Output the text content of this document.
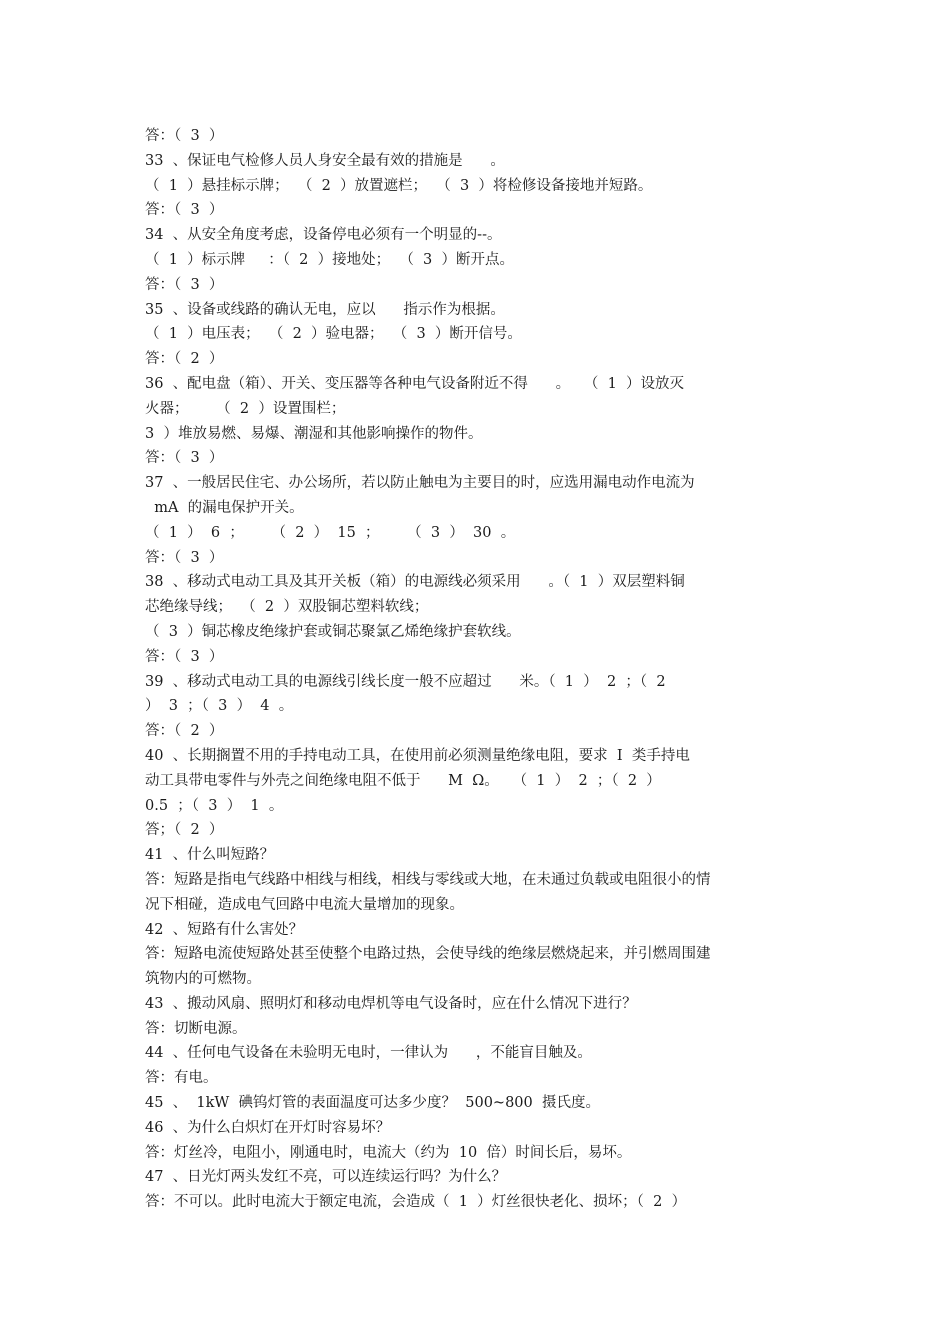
答：（  3  ）
33  、保证电气检修人员人身安全最有效的措施是      。
（  1  ）悬挂标示牌；  （  2  ）放置遮栏；  （  3  ）将检修设备接地并短路。
答：（  3  ）
34  、从安全角度考虑，设备停电必须有一个明显的--。
（  1  ）标示牌     ：（  2  ）接地处；  （  3  ）断开点。
答：（  3  ）
35  、设备或线路的确认无电，应以      指示作为根据。
（  1  ）电压表；  （  2  ）验电器；  （  3  ）断开信号。
答：（  2  ）
36  、配电盘（箱）、开关、变压器等各种电气设备附近不得      。   （  1  ）设放灭
火器；      （  2  ）设置围栏；
3  ）堆放易燃、易爆、潮湿和其他影响操作的物件。
答：（  3  ）
37  、一般居民住宅、办公场所，若以防止触电为主要目的时，应选用漏电动作电流为
mA  的漏电保护开关。
（  1  ）  6  ；      （  2  ）  15  ；      （  3  ）  30  。
答：（  3  ）
38  、移动式电动工具及其开关板（箱）的电源线必须采用      。（  1  ）双层塑料铜
芯绝缘导线；  （  2  ）双股铜芯塑料软线；
（  3  ）铜芯橡皮绝缘护套或铜芯聚氯乙烯绝缘护套软线。
答：（  3  ）
39  、移动式电动工具的电源线引线长度一般不应超过      米。（  1  ）  2  ；（  2
）  3  ；（  3  ）  4  。
答：（  2  ）
40  、长期搁置不用的手持电动工具，在使用前必须测量绝缘电阻，要求  I  类手持电
动工具带电零件与外壳之间绝缘电阻不低于      M  Ω。   （  1  ）  2  ；（  2  ）
0.5  ；（  3  ）  1  。
答；（  2  ）
41  、什么叫短路？
答：短路是指电气线路中相线与相线，相线与零线或大地，在未通过负载或电阻很小的情
况下相碰，造成电气回路中电流大量增加的现象。
42  、短路有什么害处？
答：短路电流使短路处甚至使整个电路过热，会使导线的绝缘层燃烧起来，并引燃周围建
筑物内的可燃物。
43  、搬动风扇、照明灯和移动电焊机等电气设备时，应在什么情况下进行？
答：切断电源。
44  、任何电气设备在未验明无电时，一律认为      ，不能盲目触及。
答：有电。
45  、  1kW  碘钨灯管的表面温度可达多少度？  500~800  摄氏度。
46  、为什么白炽灯在开灯时容易坏？
答：灯丝冷，电阻小，刚通电时，电流大（约为  10  倍）时间长后，易坏。
47  、日光灯两头发红不亮，可以连续运行吗？为什么？
答：不可以。此时电流大于额定电流，会造成（  1  ）灯丝很快老化、损坏；（  2  ）
